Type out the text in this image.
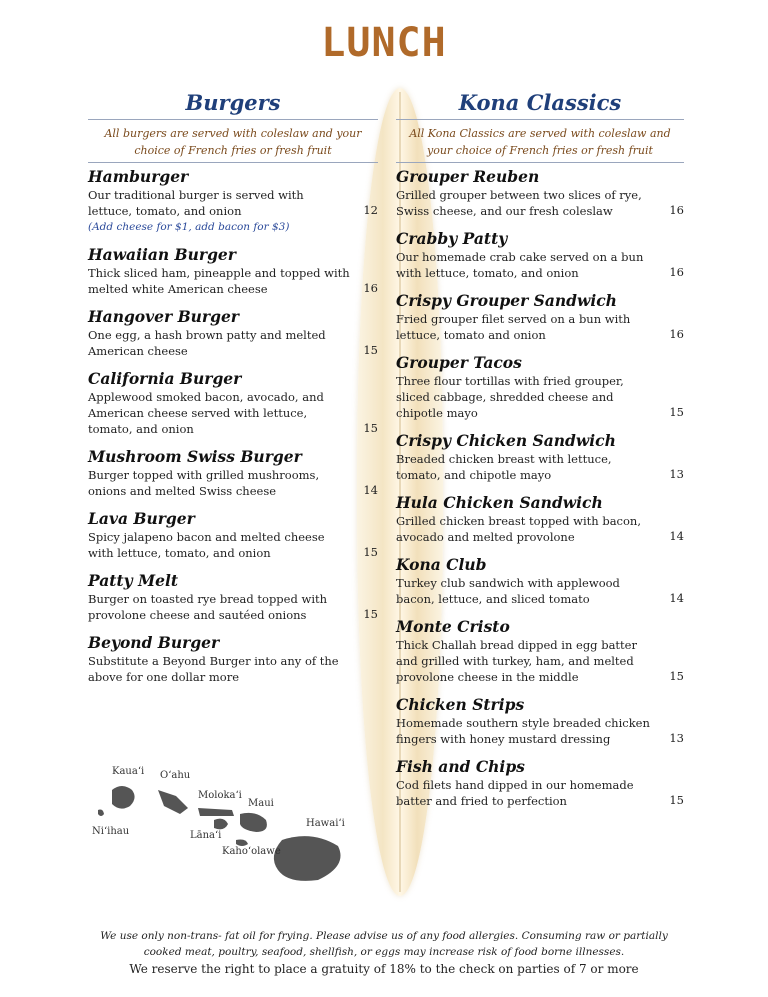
LUNCH
Burgers
All burgers are served with coleslaw and your choice of French fries or fresh fruit
Hamburger
Our traditional burger is served with lettuce, tomato, and onion	12
(Add cheese for $1, add bacon for $3)
Hawaiian Burger
Thick sliced ham, pineapple and topped with melted white American cheese	16
Hangover Burger
One egg, a hash brown patty and melted American cheese	15
California Burger
Applewood smoked bacon, avocado, and American cheese served with lettuce, tomato, and onion	15
Mushroom Swiss Burger
Burger topped with grilled mushrooms, onions and melted Swiss cheese	14
Lava Burger
Spicy jalapeno bacon and melted cheese with lettuce, tomato, and onion	15
Patty Melt
Burger on toasted rye bread topped with provolone cheese and sautéed onions	15
Beyond Burger
Substitute a Beyond Burger into any of the above for one dollar more
Kona Classics
All Kona Classics are served with coleslaw and your choice of French fries or fresh fruit
Grouper Reuben
Grilled grouper between two slices of rye, Swiss cheese, and our fresh coleslaw	16
Crabby Patty
Our homemade crab cake served on a bun with lettuce, tomato, and onion	16
Crispy Grouper Sandwich
Fried grouper filet served on a bun with lettuce, tomato and onion	16
Grouper Tacos
Three flour tortillas with fried grouper, sliced cabbage, shredded cheese and chipotle mayo	15
Crispy Chicken Sandwich
Breaded chicken breast with lettuce, tomato, and chipotle mayo	13
Hula Chicken Sandwich
Grilled chicken breast topped with bacon, avocado and melted provolone	14
Kona Club
Turkey club sandwich with applewood bacon, lettuce, and sliced tomato	14
Monte Cristo
Thick Challah bread dipped in egg batter and grilled with turkey, ham, and melted provolone cheese in the middle	15
Chicken Strips
Homemade southern style breaded chicken fingers with honey mustard dressing	13
Fish and Chips
Cod filets hand dipped in our homemade batter and fried to perfection	15
Kaua‘i O‘ahu
Moloka‘i
Maui
Ni‘ihau	Lāna‘i
Kaho‘olawe
Hawai‘i
We use only non-trans- fat oil for frying. Please advise us of any food allergies. Consuming raw or partially cooked meat, poultry, seafood, shellfish, or eggs may increase risk of food borne illnesses.
We reserve the right to place a gratuity of 18% to the check on parties of 7 or more
